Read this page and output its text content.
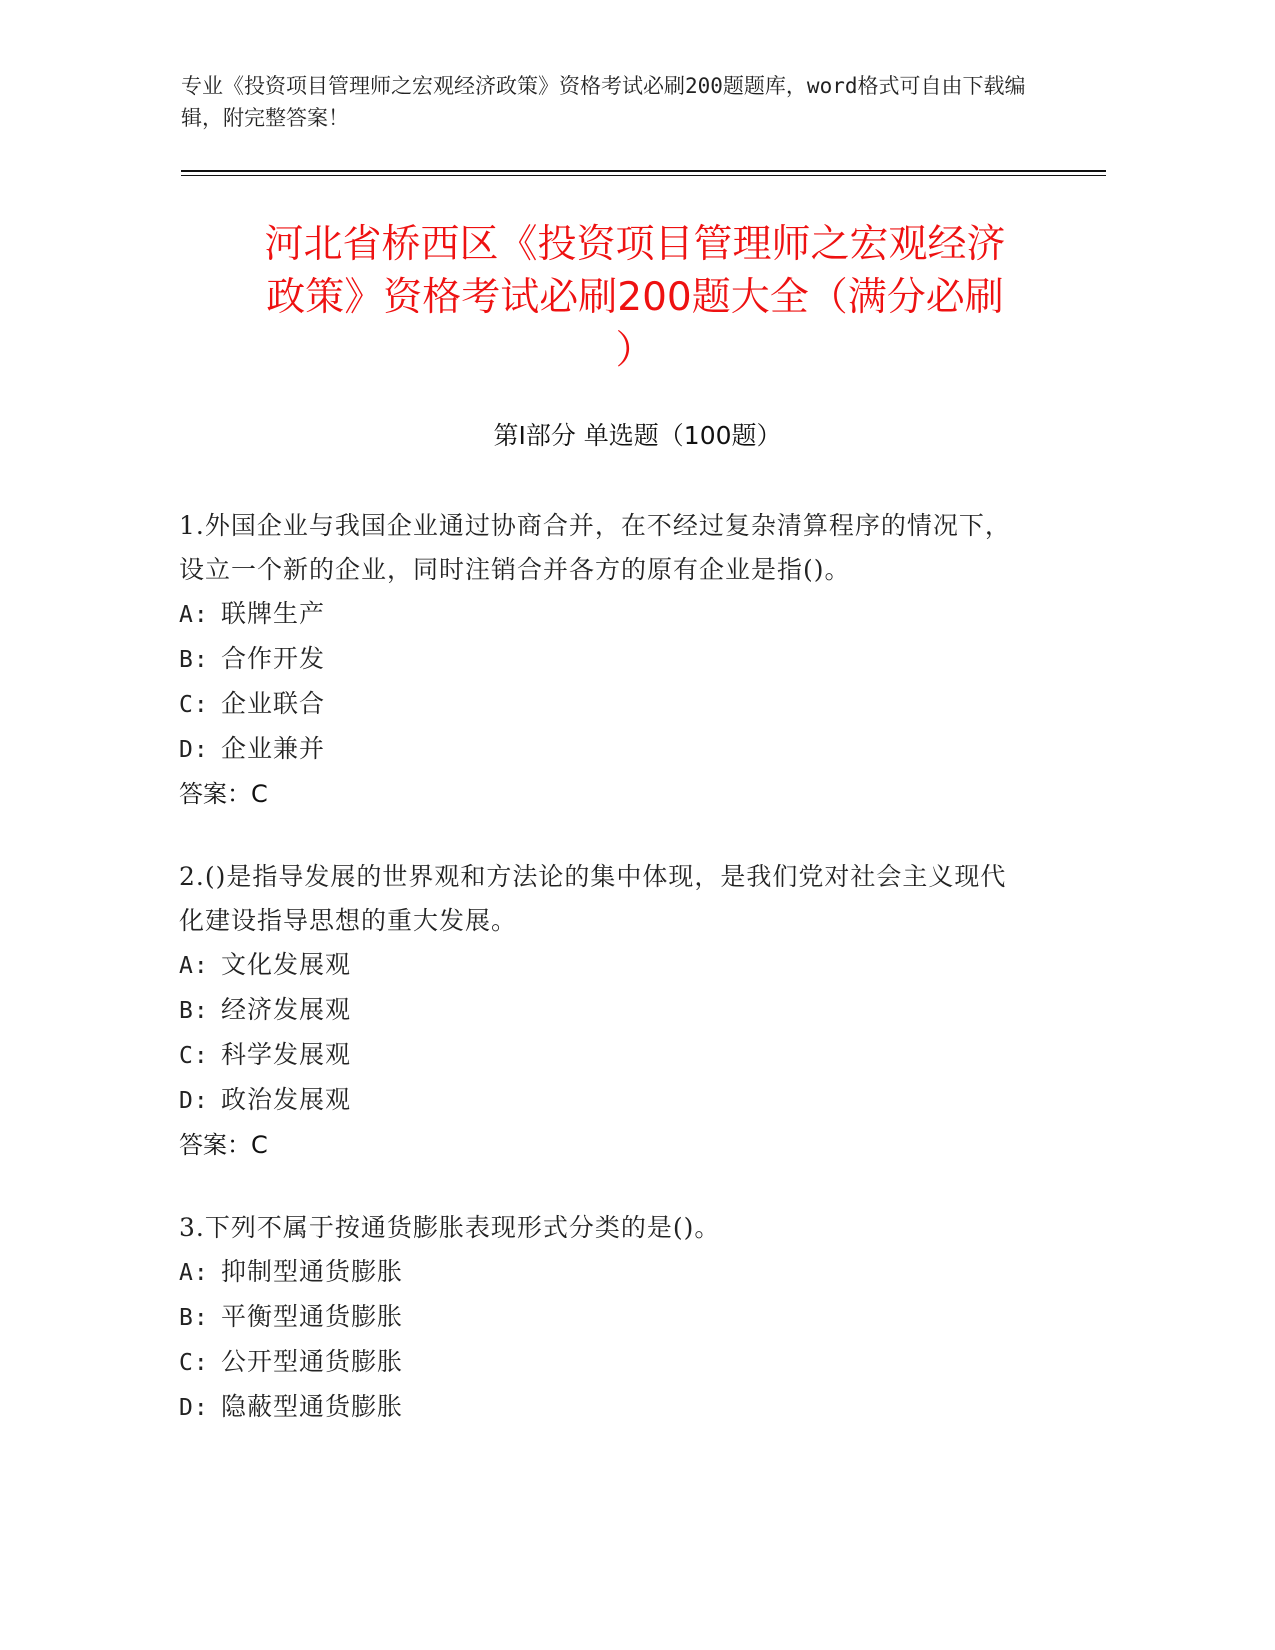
专业《投资项目管理师之宏观经济政策》资格考试必刷200题题库，word格式可自由下载编辑，附完整答案！
河北省桥西区《投资项目管理师之宏观经济
政策》资格考试必刷200题大全（满分必刷
）
第Ⅰ部分 单选题（100题）

1.外国企业与我国企业通过协商合并，在不经过复杂清算程序的情况下，设立一个新的企业，同时注销合并各方的原有企业是指()。

A: 联牌生产
B: 合作开发
C: 企业联合
D: 企业兼并
答案：C

2.()是指导发展的世界观和方法论的集中体现，是我们党对社会主义现代化建设指导思想的重大发展。

A: 文化发展观
B: 经济发展观
C: 科学发展观
D: 政治发展观
答案：C

3.下列不属于按通货膨胀表现形式分类的是()。

A: 抑制型通货膨胀
B: 平衡型通货膨胀
C: 公开型通货膨胀
D: 隐蔽型通货膨胀
